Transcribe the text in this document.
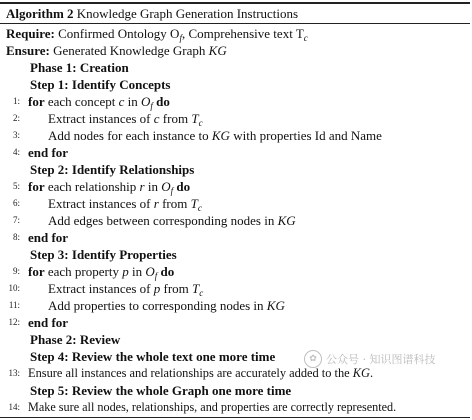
Algorithm 2 Knowledge Graph Generation Instructions
Require: Confirmed Ontology $O_f$, Comprehensive text $T_c$
Ensure: Generated Knowledge Graph KG
Phase 1: Creation
Step 1: Identify Concepts
1: for each concept c in $O_f$ do
2: Extract instances of c from $T_c$
3: Add nodes for each instance to KG with properties Id and Name
4: end for
Step 2: Identify Relationships
5: for each relationship r in $O_f$ do
6: Extract instances of r from $T_c$
7: Add edges between corresponding nodes in KG
8: end for
Step 3: Identify Properties
9: for each property p in $O_f$ do
10: Extract instances of p from $T_c$
11: Add properties to corresponding nodes in KG
12: end for
Phase 2: Review
Step 4: Review the whole text one more time
13: Ensure all instances and relationships are accurately added to the KG.
Step 5: Review the whole Graph one more time
14: Make sure all nodes, relationships, and properties are correctly represented.
✿ 公众号 · 知识图谱科技
